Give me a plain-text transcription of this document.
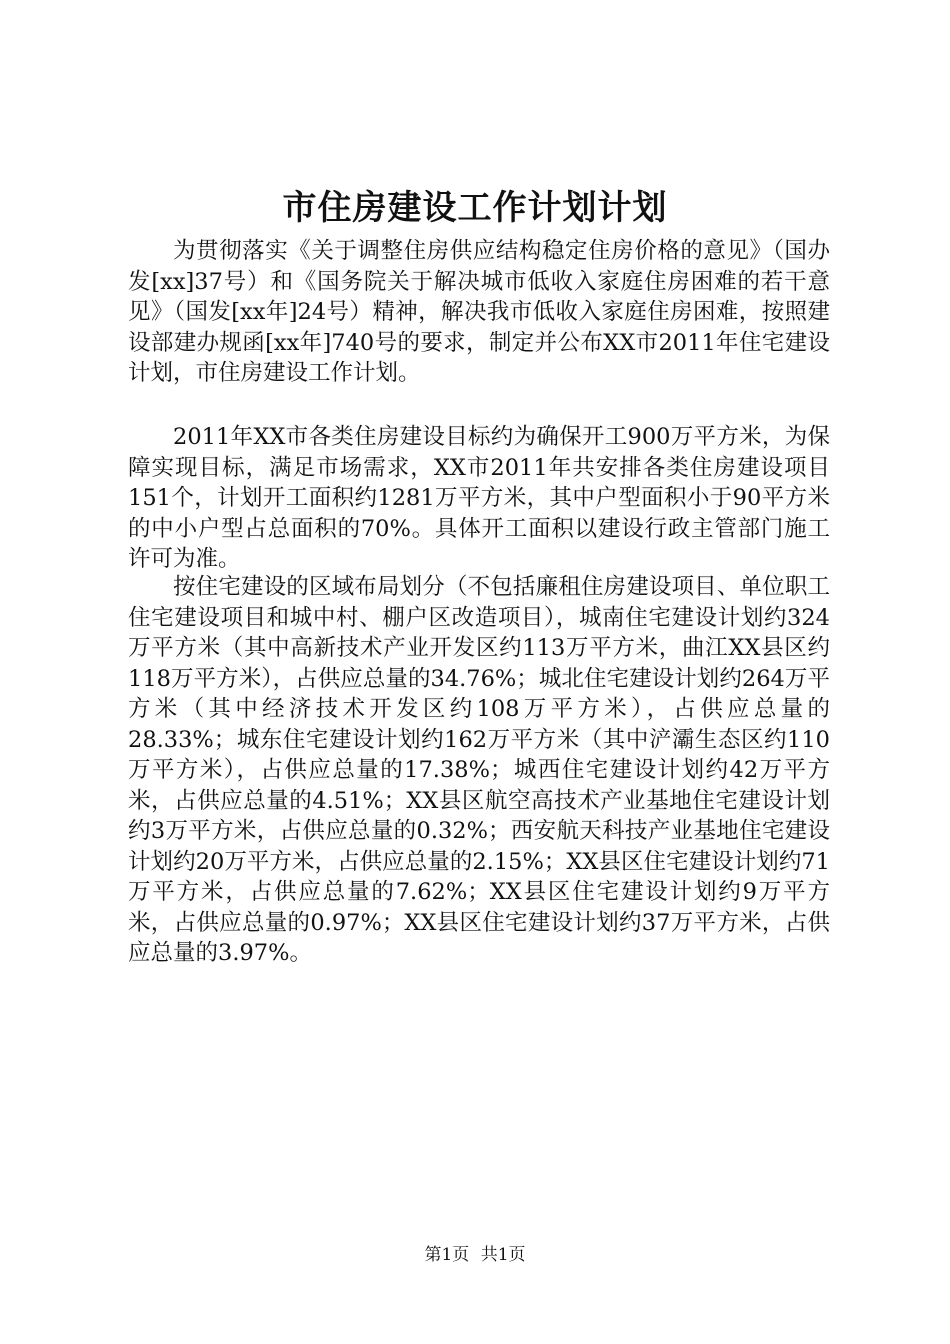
市住房建设工作计划计划

为贯彻落实《关于调整住房供应结构稳定住房价格的意见》（国办发[xx]37号）和《国务院关于解决城市低收入家庭住房困难的若干意见》（国发[xx年]24号）精神，解决我市低收入家庭住房困难，按照建设部建办规函[xx年]740号的要求，制定并公布XX市2011年住宅建设计划，市住房建设工作计划。

2011年XX市各类住房建设目标约为确保开工900万平方米，为保障实现目标，满足市场需求，XX市2011年共安排各类住房建设项目151个，计划开工面积约1281万平方米，其中户型面积小于90平方米的中小户型占总面积的70%。具体开工面积以建设行政主管部门施工许可为准。

按住宅建设的区域布局划分（不包括廉租住房建设项目、单位职工住宅建设项目和城中村、棚户区改造项目），城南住宅建设计划约324万平方米（其中高新技术产业开发区约113万平方米，曲江XX县区约118万平方米），占供应总量的34.76%；城北住宅建设计划约264万平方米（其中经济技术开发区约108万平方米），占供应总量的28.33%；城东住宅建设计划约162万平方米（其中浐灞生态区约110万平方米），占供应总量的17.38%；城西住宅建设计划约42万平方米，占供应总量的4.51%；XX县区航空高技术产业基地住宅建设计划约3万平方米，占供应总量的0.32%；西安航天科技产业基地住宅建设计划约20万平方米，占供应总量的2.15%；XX县区住宅建设计划约71万平方米，占供应总量的7.62%；XX县区住宅建设计划约9万平方米，占供应总量的0.97%；XX县区住宅建设计划约37万平方米，占供应总量的3.97%。

第1页 共1页
